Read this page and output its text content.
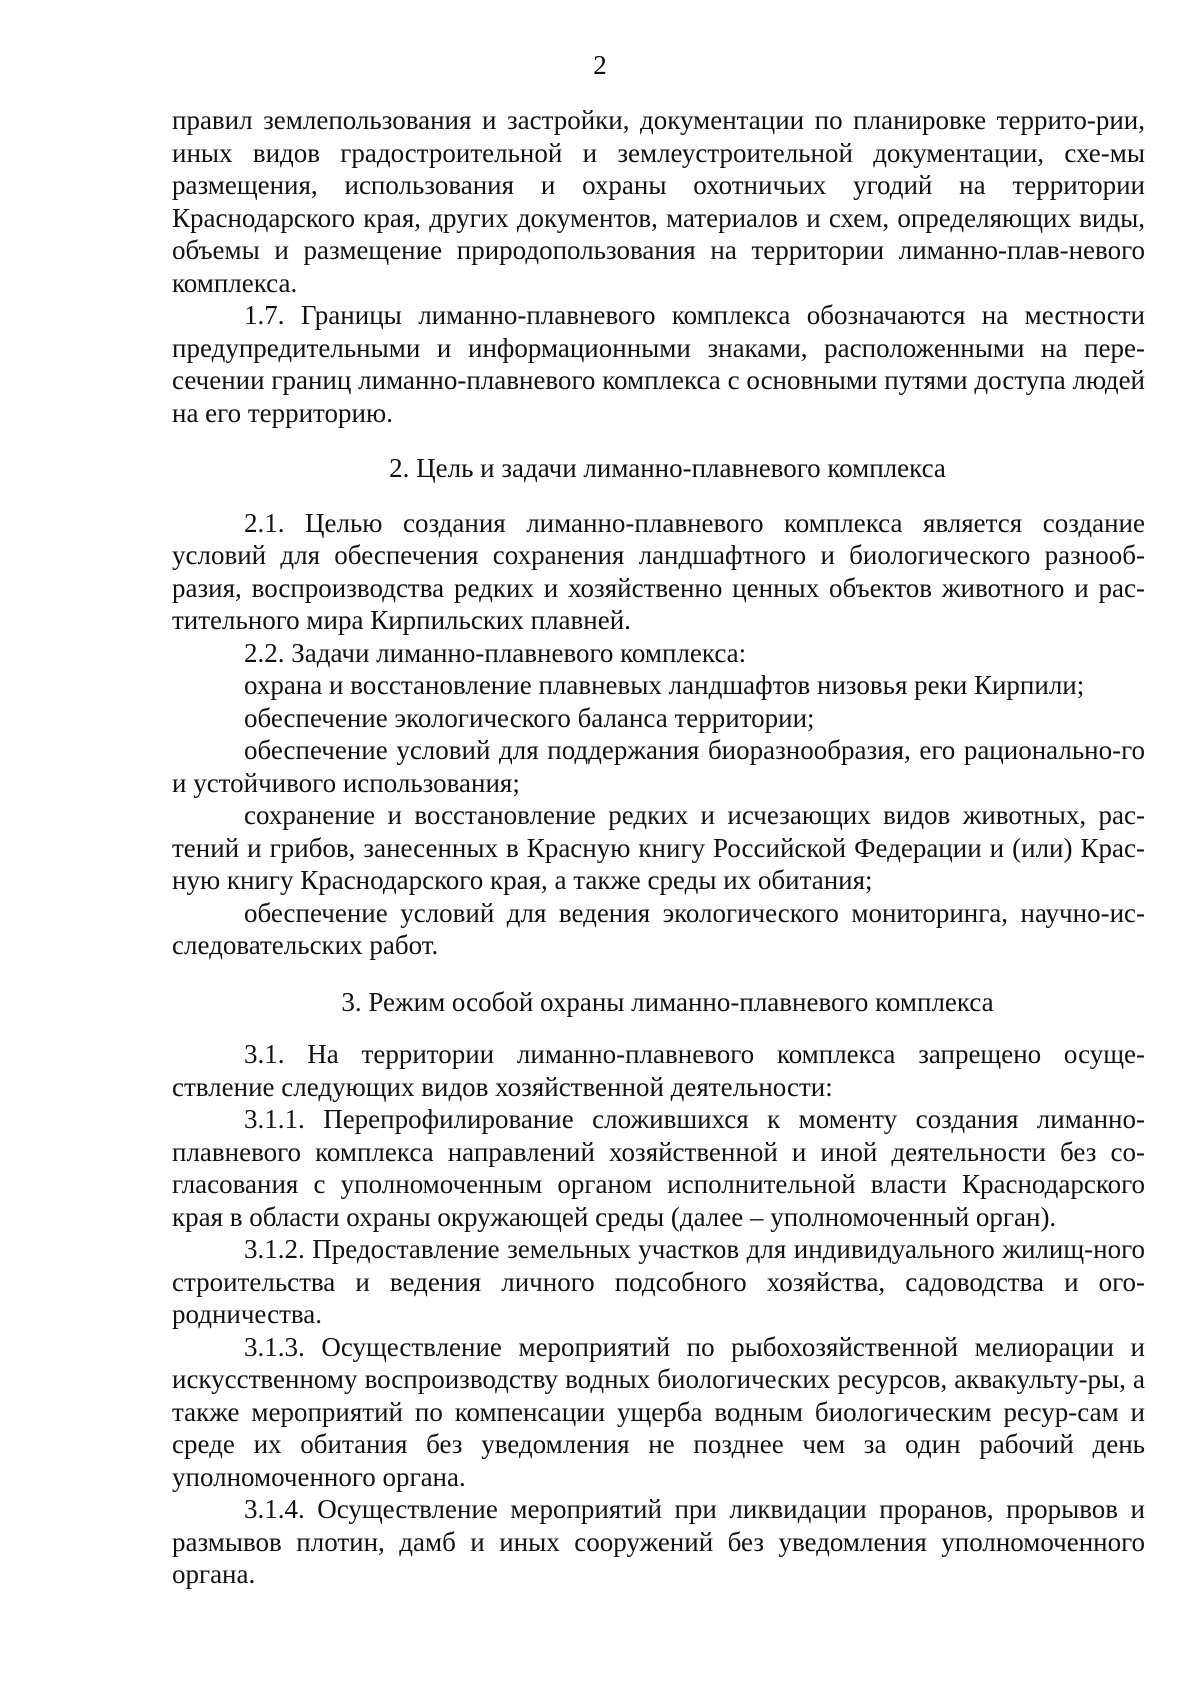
2

правил землепользования и застройки, документации по планировке террито-рии, иных видов градостроительной и землеустроительной документации, схе-мы размещения, использования и охраны охотничьих угодий на территории Краснодарского края, других документов, материалов и схем, определяющих виды, объемы и размещение природопользования на территории лиманно-плав-невого комплекса.

1.7. Границы лиманно-плавневого комплекса обозначаются на местности предупредительными и информационными знаками, расположенными на пере-сечении границ лиманно-плавневого комплекса с основными путями доступа людей на его территорию.

2. Цель и задачи лиманно-плавневого комплекса

2.1. Целью создания лиманно-плавневого комплекса является создание условий для обеспечения сохранения ландшафтного и биологического разнооб-разия, воспроизводства редких и хозяйственно ценных объектов животного и рас-тительного мира Кирпильских плавней.

2.2. Задачи лиманно-плавневого комплекса:

охрана и восстановление плавневых ландшафтов низовья реки Кирпили;

обеспечение экологического баланса территории;

обеспечение условий для поддержания биоразнообразия, его рационально-го и устойчивого использования;

сохранение и восстановление редких и исчезающих видов животных, рас-тений и грибов, занесенных в Красную книгу Российской Федерации и (или) Крас-ную книгу Краснодарского края, а также среды их обитания;

обеспечение условий для ведения экологического мониторинга, научно-ис-следовательских работ.

3. Режим особой охраны лиманно-плавневого комплекса

3.1. На территории лиманно-плавневого комплекса запрещено осуще-ствление следующих видов хозяйственной деятельности:

3.1.1. Перепрофилирование сложившихся к моменту создания лиманно-плавневого комплекса направлений хозяйственной и иной деятельности без со-гласования с уполномоченным органом исполнительной власти Краснодарского края в области охраны окружающей среды (далее – уполномоченный орган).

3.1.2. Предоставление земельных участков для индивидуального жилищ-ного строительства и ведения личного подсобного хозяйства, садоводства и ого-родничества.

3.1.3. Осуществление мероприятий по рыбохозяйственной мелиорации и искусственному воспроизводству водных биологических ресурсов, аквакульту-ры, а также мероприятий по компенсации ущерба водным биологическим ресур-сам и среде их обитания без уведомления не позднее чем за один рабочий день уполномоченного органа.

3.1.4. Осуществление мероприятий при ликвидации проранов, прорывов и размывов плотин, дамб и иных сооружений без уведомления уполномоченного органа.
